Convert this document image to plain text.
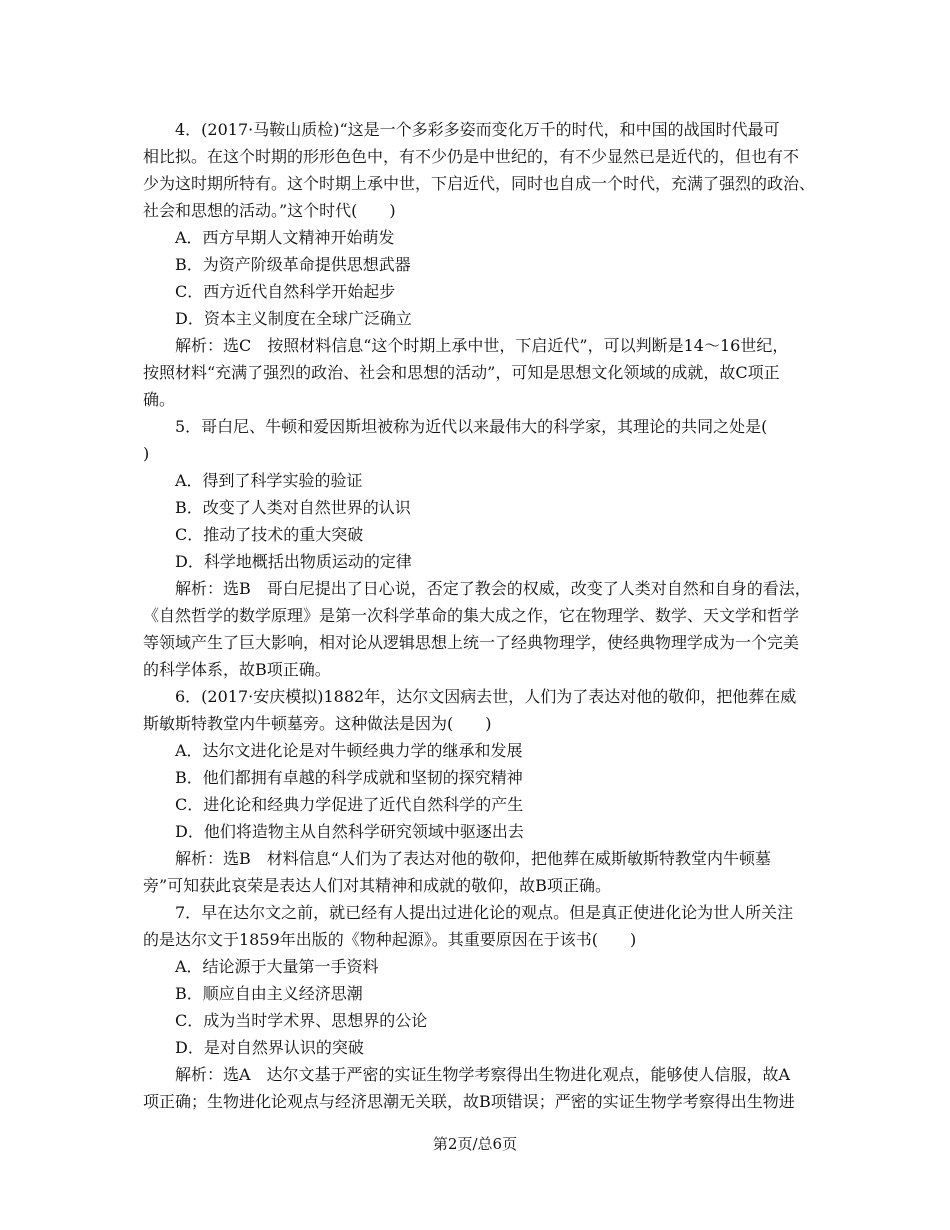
4．(2017·马鞍山质检)“这是一个多彩多姿而变化万千的时代，和中国的战国时代最可
相比拟。在这个时期的形形色色中，有不少仍是中世纪的，有不少显然已是近代的，但也有不
少为这时期所特有。这个时期上承中世，下启近代，同时也自成一个时代，充满了强烈的政治、
社会和思想的活动。”这个时代(　　)
A．西方早期人文精神开始萌发
B．为资产阶级革命提供思想武器
C．西方近代自然科学开始起步
D．资本主义制度在全球广泛确立
解析：选C　按照材料信息“这个时期上承中世，下启近代”，可以判断是14～16世纪，
按照材料“充满了强烈的政治、社会和思想的活动”，可知是思想文化领域的成就，故C项正
确。
5．哥白尼、牛顿和爱因斯坦被称为近代以来最伟大的科学家，其理论的共同之处是(
)
A．得到了科学实验的验证
B．改变了人类对自然世界的认识
C．推动了技术的重大突破
D．科学地概括出物质运动的定律
解析：选B　哥白尼提出了日心说，否定了教会的权威，改变了人类对自然和自身的看法，
《自然哲学的数学原理》是第一次科学革命的集大成之作，它在物理学、数学、天文学和哲学
等领域产生了巨大影响，相对论从逻辑思想上统一了经典物理学，使经典物理学成为一个完美
的科学体系，故B项正确。
6．(2017·安庆模拟)1882年，达尔文因病去世，人们为了表达对他的敬仰，把他葬在威
斯敏斯特教堂内牛顿墓旁。这种做法是因为(　　)
A．达尔文进化论是对牛顿经典力学的继承和发展
B．他们都拥有卓越的科学成就和坚韧的探究精神
C．进化论和经典力学促进了近代自然科学的产生
D．他们将造物主从自然科学研究领域中驱逐出去
解析：选B　材料信息“人们为了表达对他的敬仰，把他葬在威斯敏斯特教堂内牛顿墓
旁”可知获此哀荣是表达人们对其精神和成就的敬仰，故B项正确。
7．早在达尔文之前，就已经有人提出过进化论的观点。但是真正使进化论为世人所关注
的是达尔文于1859年出版的《物种起源》。其重要原因在于该书(　　)
A．结论源于大量第一手资料
B．顺应自由主义经济思潮
C．成为当时学术界、思想界的公论
D．是对自然界认识的突破
解析：选A　达尔文基于严密的实证生物学考察得出生物进化观点，能够使人信服，故A
项正确；生物进化论观点与经济思潮无关联，故B项错误；严密的实证生物学考察得出生物进
第2页/总6页
